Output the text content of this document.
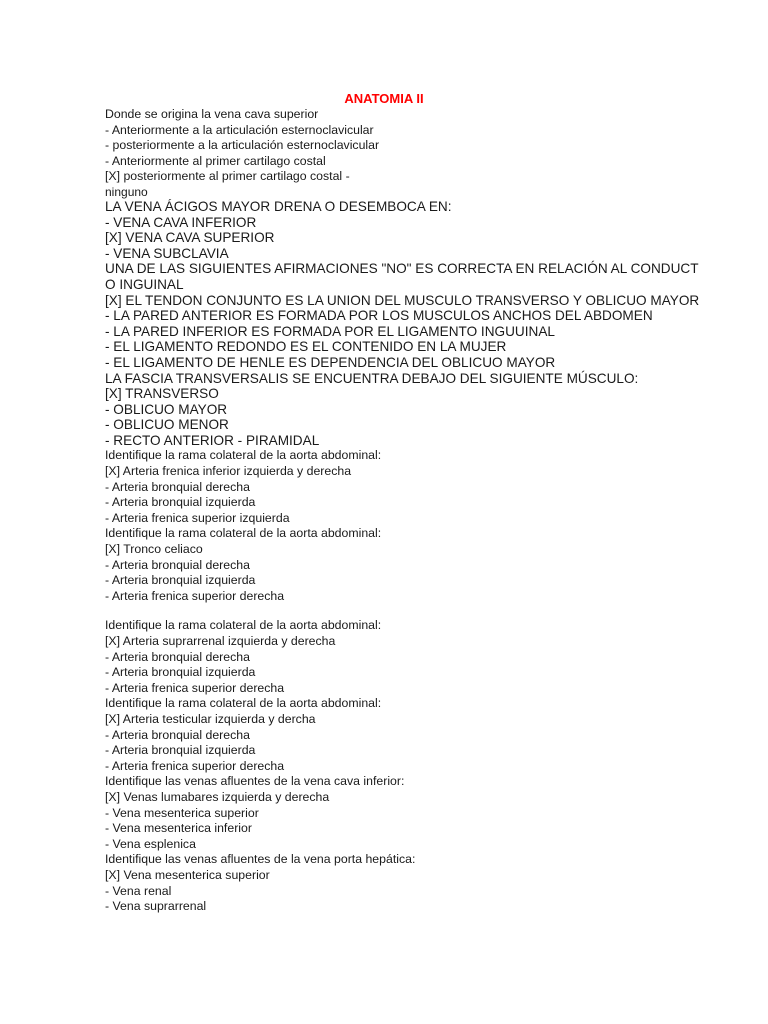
ANATOMIA II
Donde se origina la vena cava superior
- Anteriormente a la articulación esternoclavicular
- posteriormente a la articulación esternoclavicular
- Anteriormente al primer cartilago costal
[X] posteriormente al primer cartilago costal -
ninguno
LA VENA ÁCIGOS MAYOR DRENA O DESEMBOCA EN:
- VENA CAVA INFERIOR
[X] VENA CAVA SUPERIOR
- VENA SUBCLAVIA
UNA DE LAS SIGUIENTES AFIRMACIONES "NO" ES CORRECTA EN RELACIÓN AL CONDUCT
O INGUINAL
[X] EL TENDON CONJUNTO ES LA UNION DEL MUSCULO TRANSVERSO Y OBLICUO MAYOR
- LA PARED ANTERIOR ES FORMADA POR LOS MUSCULOS ANCHOS DEL ABDOMEN
- LA PARED INFERIOR ES FORMADA POR EL LIGAMENTO INGUUINAL
- EL LIGAMENTO REDONDO ES EL CONTENIDO EN LA MUJER
- EL LIGAMENTO DE HENLE ES DEPENDENCIA DEL OBLICUO MAYOR
LA FASCIA TRANSVERSALIS SE ENCUENTRA DEBAJO DEL SIGUIENTE MÚSCULO:
[X] TRANSVERSO
- OBLICUO MAYOR
- OBLICUO MENOR
- RECTO ANTERIOR - PIRAMIDAL
Identifique la rama colateral de la aorta abdominal:
[X] Arteria frenica inferior izquierda y derecha
- Arteria bronquial derecha
- Arteria bronquial izquierda
- Arteria frenica superior izquierda
Identifique la rama colateral de la aorta abdominal:
[X] Tronco celiaco
- Arteria bronquial derecha
- Arteria bronquial izquierda
- Arteria frenica superior derecha
Identifique la rama colateral de la aorta abdominal:
[X] Arteria suprarrenal izquierda y derecha
- Arteria bronquial derecha
- Arteria bronquial izquierda
- Arteria frenica superior derecha
Identifique la rama colateral de la aorta abdominal:
[X] Arteria testicular izquierda y dercha
- Arteria bronquial derecha
- Arteria bronquial izquierda
- Arteria frenica superior derecha
Identifique las venas afluentes de la vena cava inferior:
[X] Venas lumabares izquierda y derecha
- Vena mesenterica superior
- Vena mesenterica inferior
- Vena esplenica
Identifique las venas afluentes de la vena porta hepática:
[X] Vena mesenterica superior
- Vena renal
- Vena suprarrenal
